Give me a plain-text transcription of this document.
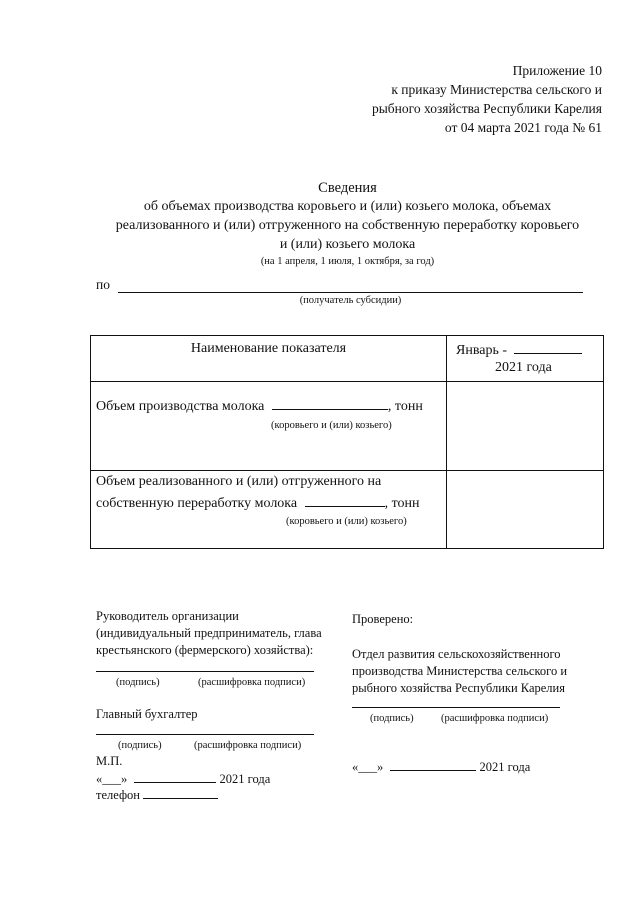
Приложение 10
к приказу Министерства сельского и
рыбного хозяйства Республики Карелия
от 04 марта 2021 года № 61
Сведения
об объемах производства коровьего и (или) козьего молока, объемах
реализованного и (или) отгруженного на собственную переработку коровьего
и (или) козьего молока
(на 1 апреля, 1 июля, 1 октября, за год)
по
(получатель субсидии)
Наименование показателя	Январь -
2021 года
Объем производства молока	, тонн
(коровьего и (или) козьего)
Объем реализованного и (или) отгруженного на
собственную переработку молока	, тонн
(коровьего и (или) козьего)
Руководитель организации
(индивидуальный предприниматель, глава
крестьянского (фермерского) хозяйства):
(подпись)	(расшифровка подписи)
Главный бухгалтер
(подпись)	(расшифровка подписи)
М.П.
«___»	2021 года
телефон
Проверено:
Отдел развития сельскохозяйственного
производства Министерства сельского и
рыбного хозяйства Республики Карелия
(подпись)	(расшифровка подписи)
«___»	2021 года
